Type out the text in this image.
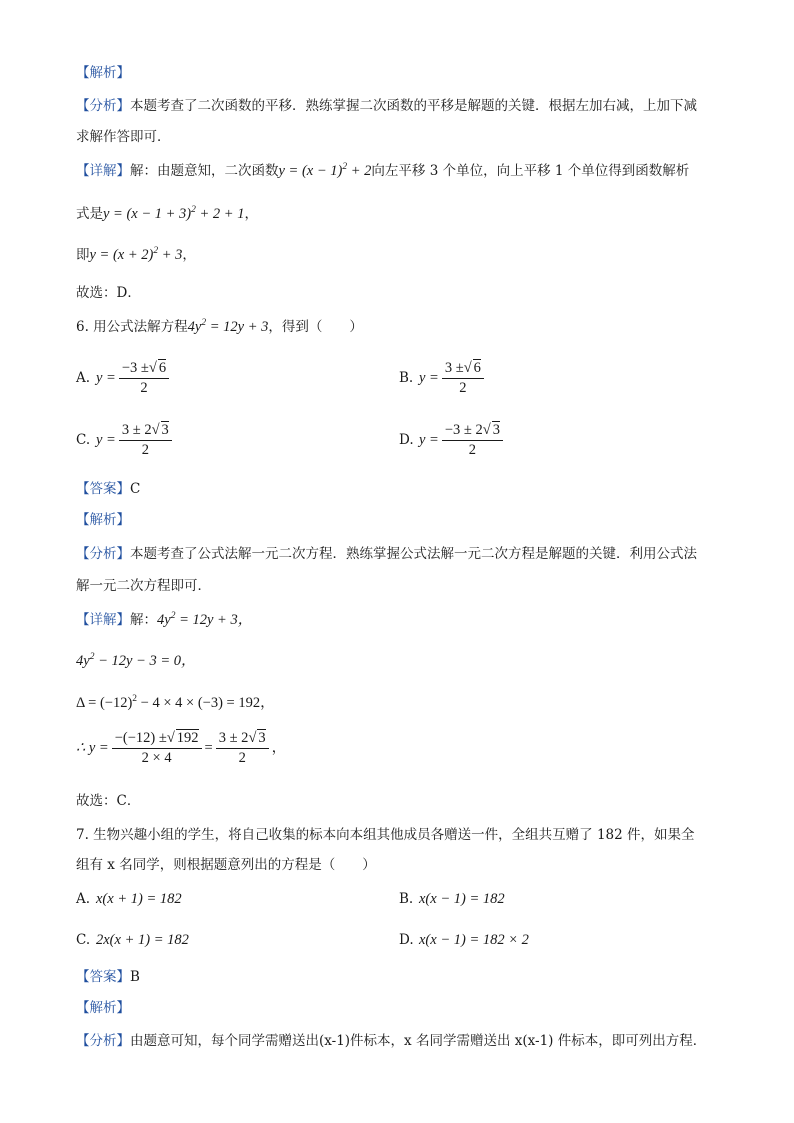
【解析】
【分析】本题考查了二次函数的平移．熟练掌握二次函数的平移是解题的关键．根据左加右减，上加下减
求解作答即可．
【详解】解：由题意知，二次函数$y = (x - 1)^2 + 2$向左平移 3 个单位，向上平移 1 个单位得到函数解析
式是$y = (x - 1 + 3)^2 + 2 + 1$，
即$y = (x + 2)^2 + 3$，
故选：D．
6. 用公式法解方程$4y^2 = 12y + 3$，得到（　　）
A. $y = \frac{-3 \pm√ 6}{2}$	B. $y = \frac{3 \pm√ 6}{2}$
C. $y = \frac{3 \pm 2√ 3}{2}$	D. $y = \frac{-3 \pm 2√ 3}{2}$
【答案】C
【解析】
【分析】本题考查了公式法解一元二次方程．熟练掌握公式法解一元二次方程是解题的关键．利用公式法
解一元二次方程即可．
【详解】解：$4y^2 = 12y + 3$，
$4y^2 - 12y - 3 = 0$，
$\Delta = (-12)^2 - 4 \times 4 \times (-3) = 192$，
∴ $y = \frac{-(-12) \pm√ 192}{2 \times 4} = \frac{3 \pm 2√ 3}{2}$ ，
故选：C．
7. 生物兴趣小组的学生，将自己收集的标本向本组其他成员各赠送一件，全组共互赠了 182 件，如果全
组有 x 名同学，则根据题意列出的方程是（　　）
A. x(x + 1) = 182	B. x(x − 1) = 182
C. 2x(x + 1) = 182	D. x(x − 1) = 182 × 2
【答案】B
【解析】
【分析】由题意可知，每个同学需赠送出(x-1)件标本，x 名同学需赠送出 x(x-1) 件标本，即可列出方程．
